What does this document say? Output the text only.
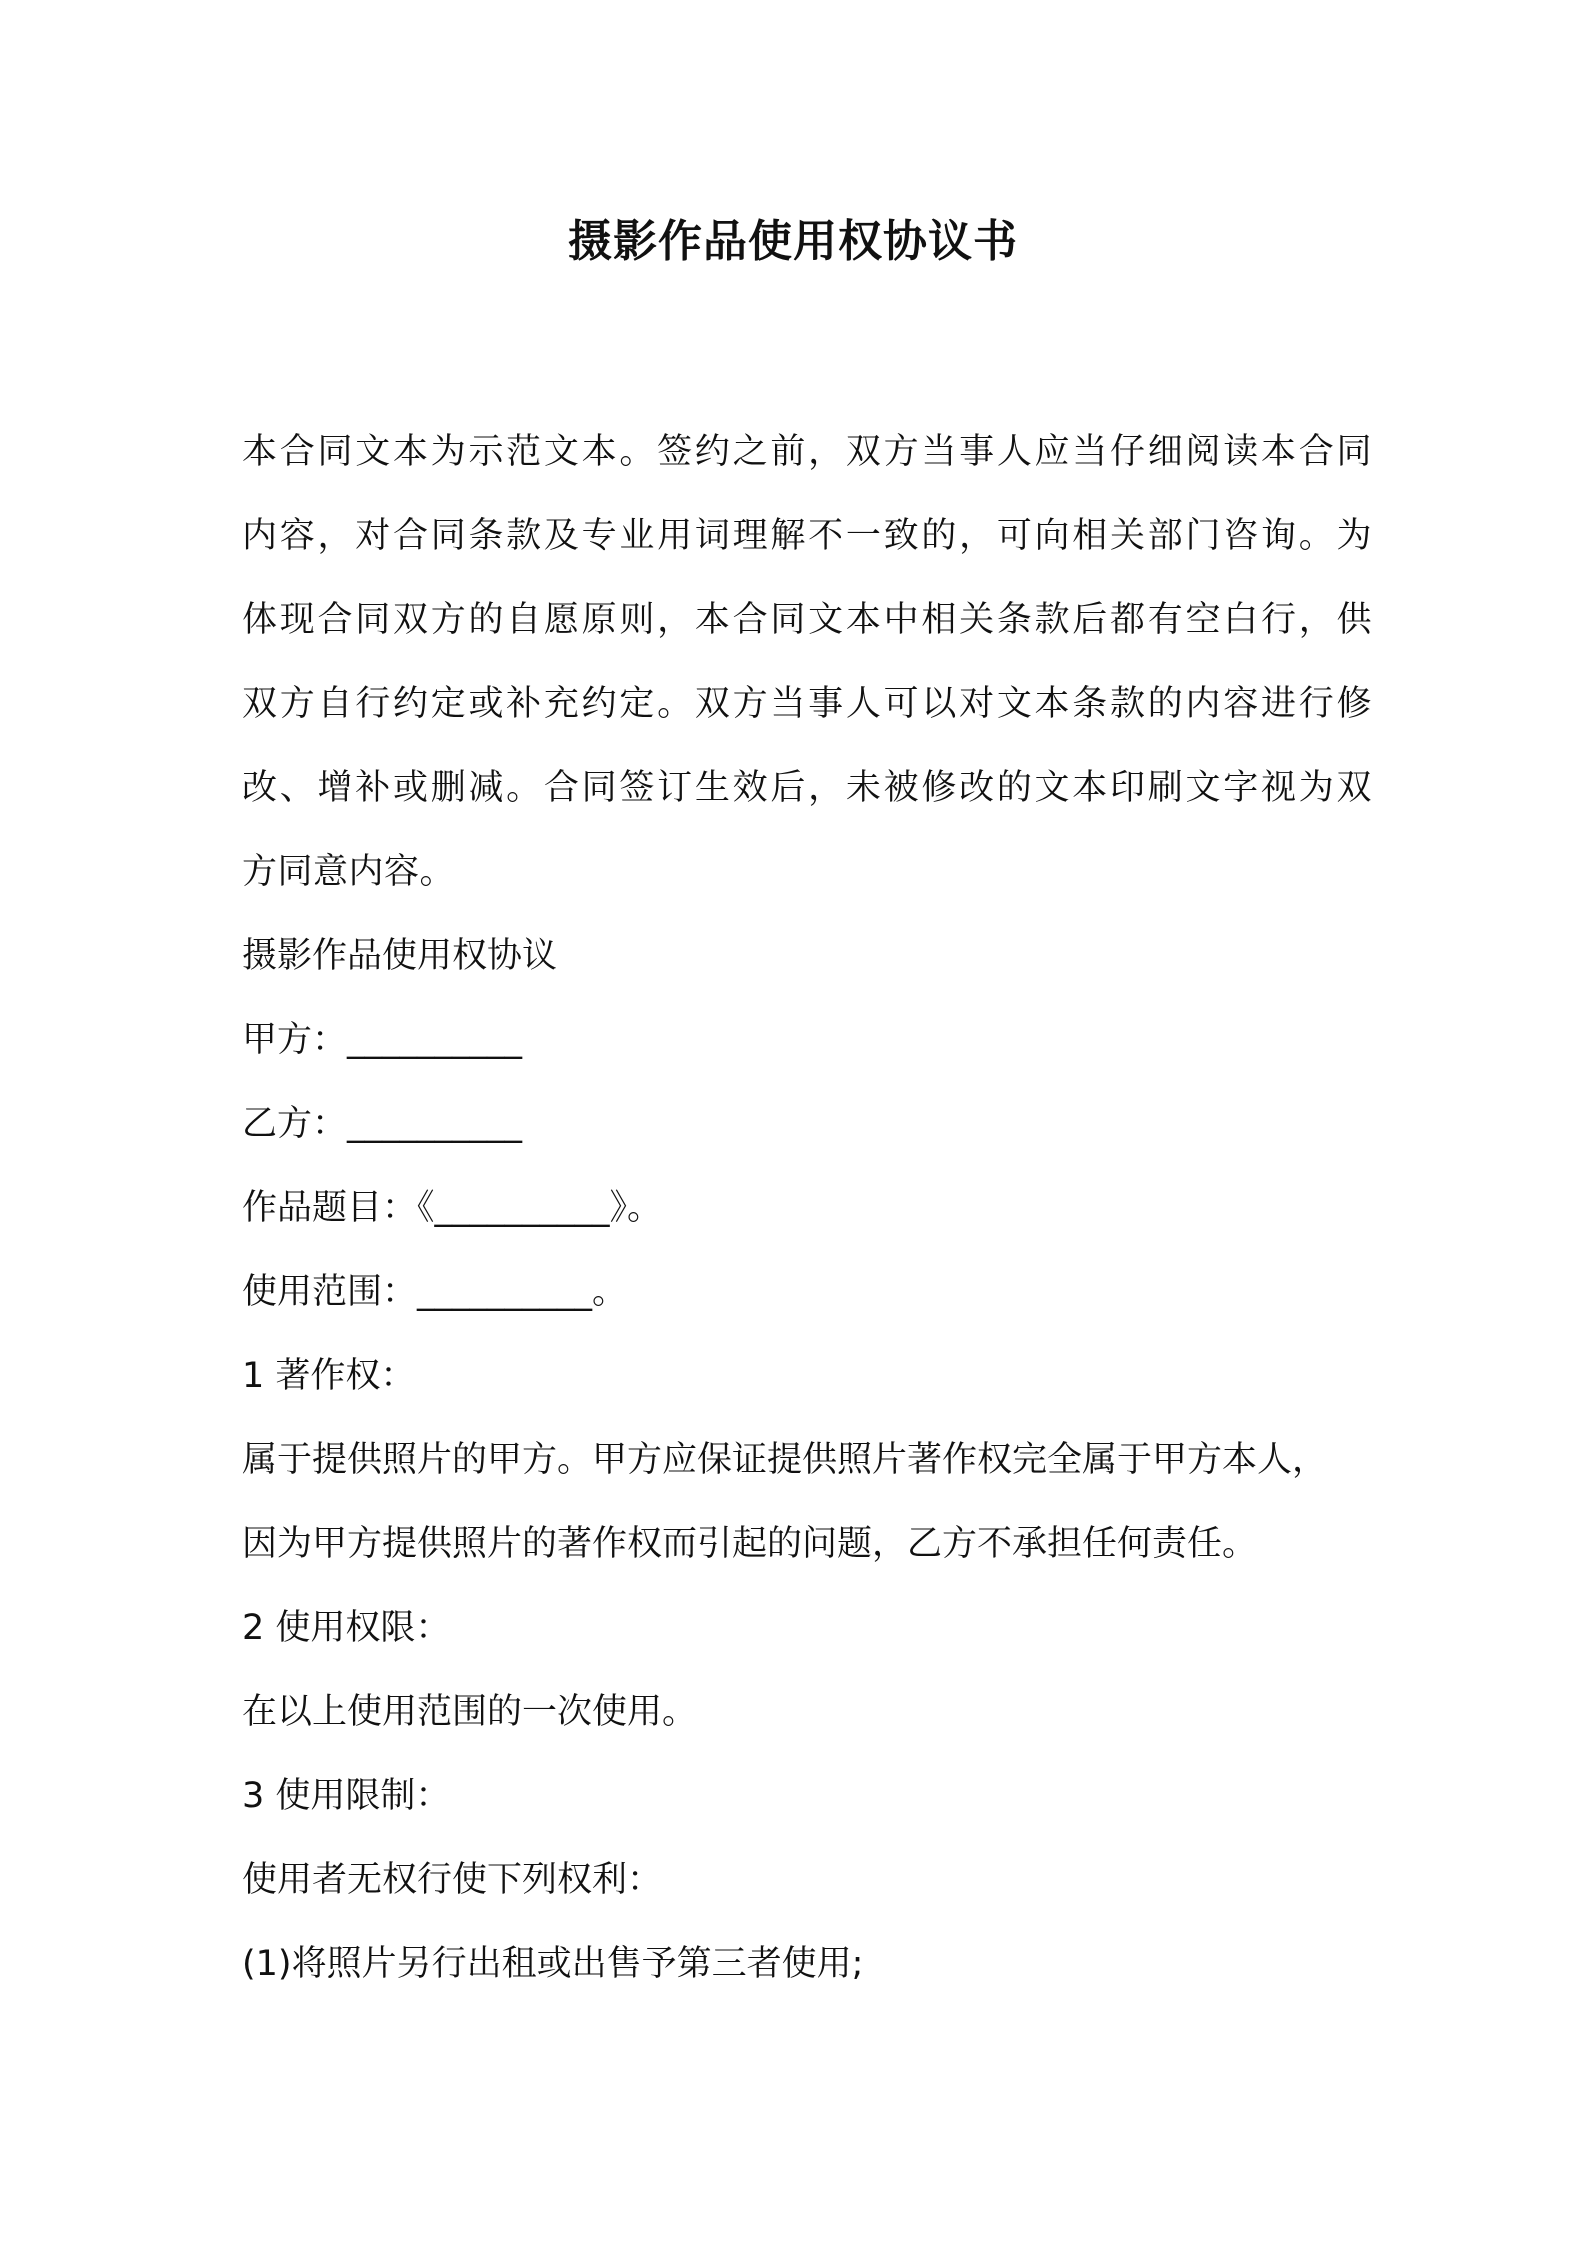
摄影作品使用权协议书
本合同文本为示范文本。签约之前，双方当事人应当仔细阅读本合同
内容，对合同条款及专业用词理解不一致的，可向相关部门咨询。为
体现合同双方的自愿原则，本合同文本中相关条款后都有空白行，供
双方自行约定或补充约定。双方当事人可以对文本条款的内容进行修
改、增补或删减。合同签订生效后，未被修改的文本印刷文字视为双
方同意内容。
摄影作品使用权协议
甲方：__________
乙方：__________
作品题目：《__________》。
使用范围：__________。
1 著作权：
属于提供照片的甲方。甲方应保证提供照片著作权完全属于甲方本人，
因为甲方提供照片的著作权而引起的问题，乙方不承担任何责任。
2 使用权限：
在以上使用范围的一次使用。
3 使用限制：
使用者无权行使下列权利：
(1)将照片另行出租或出售予第三者使用;
